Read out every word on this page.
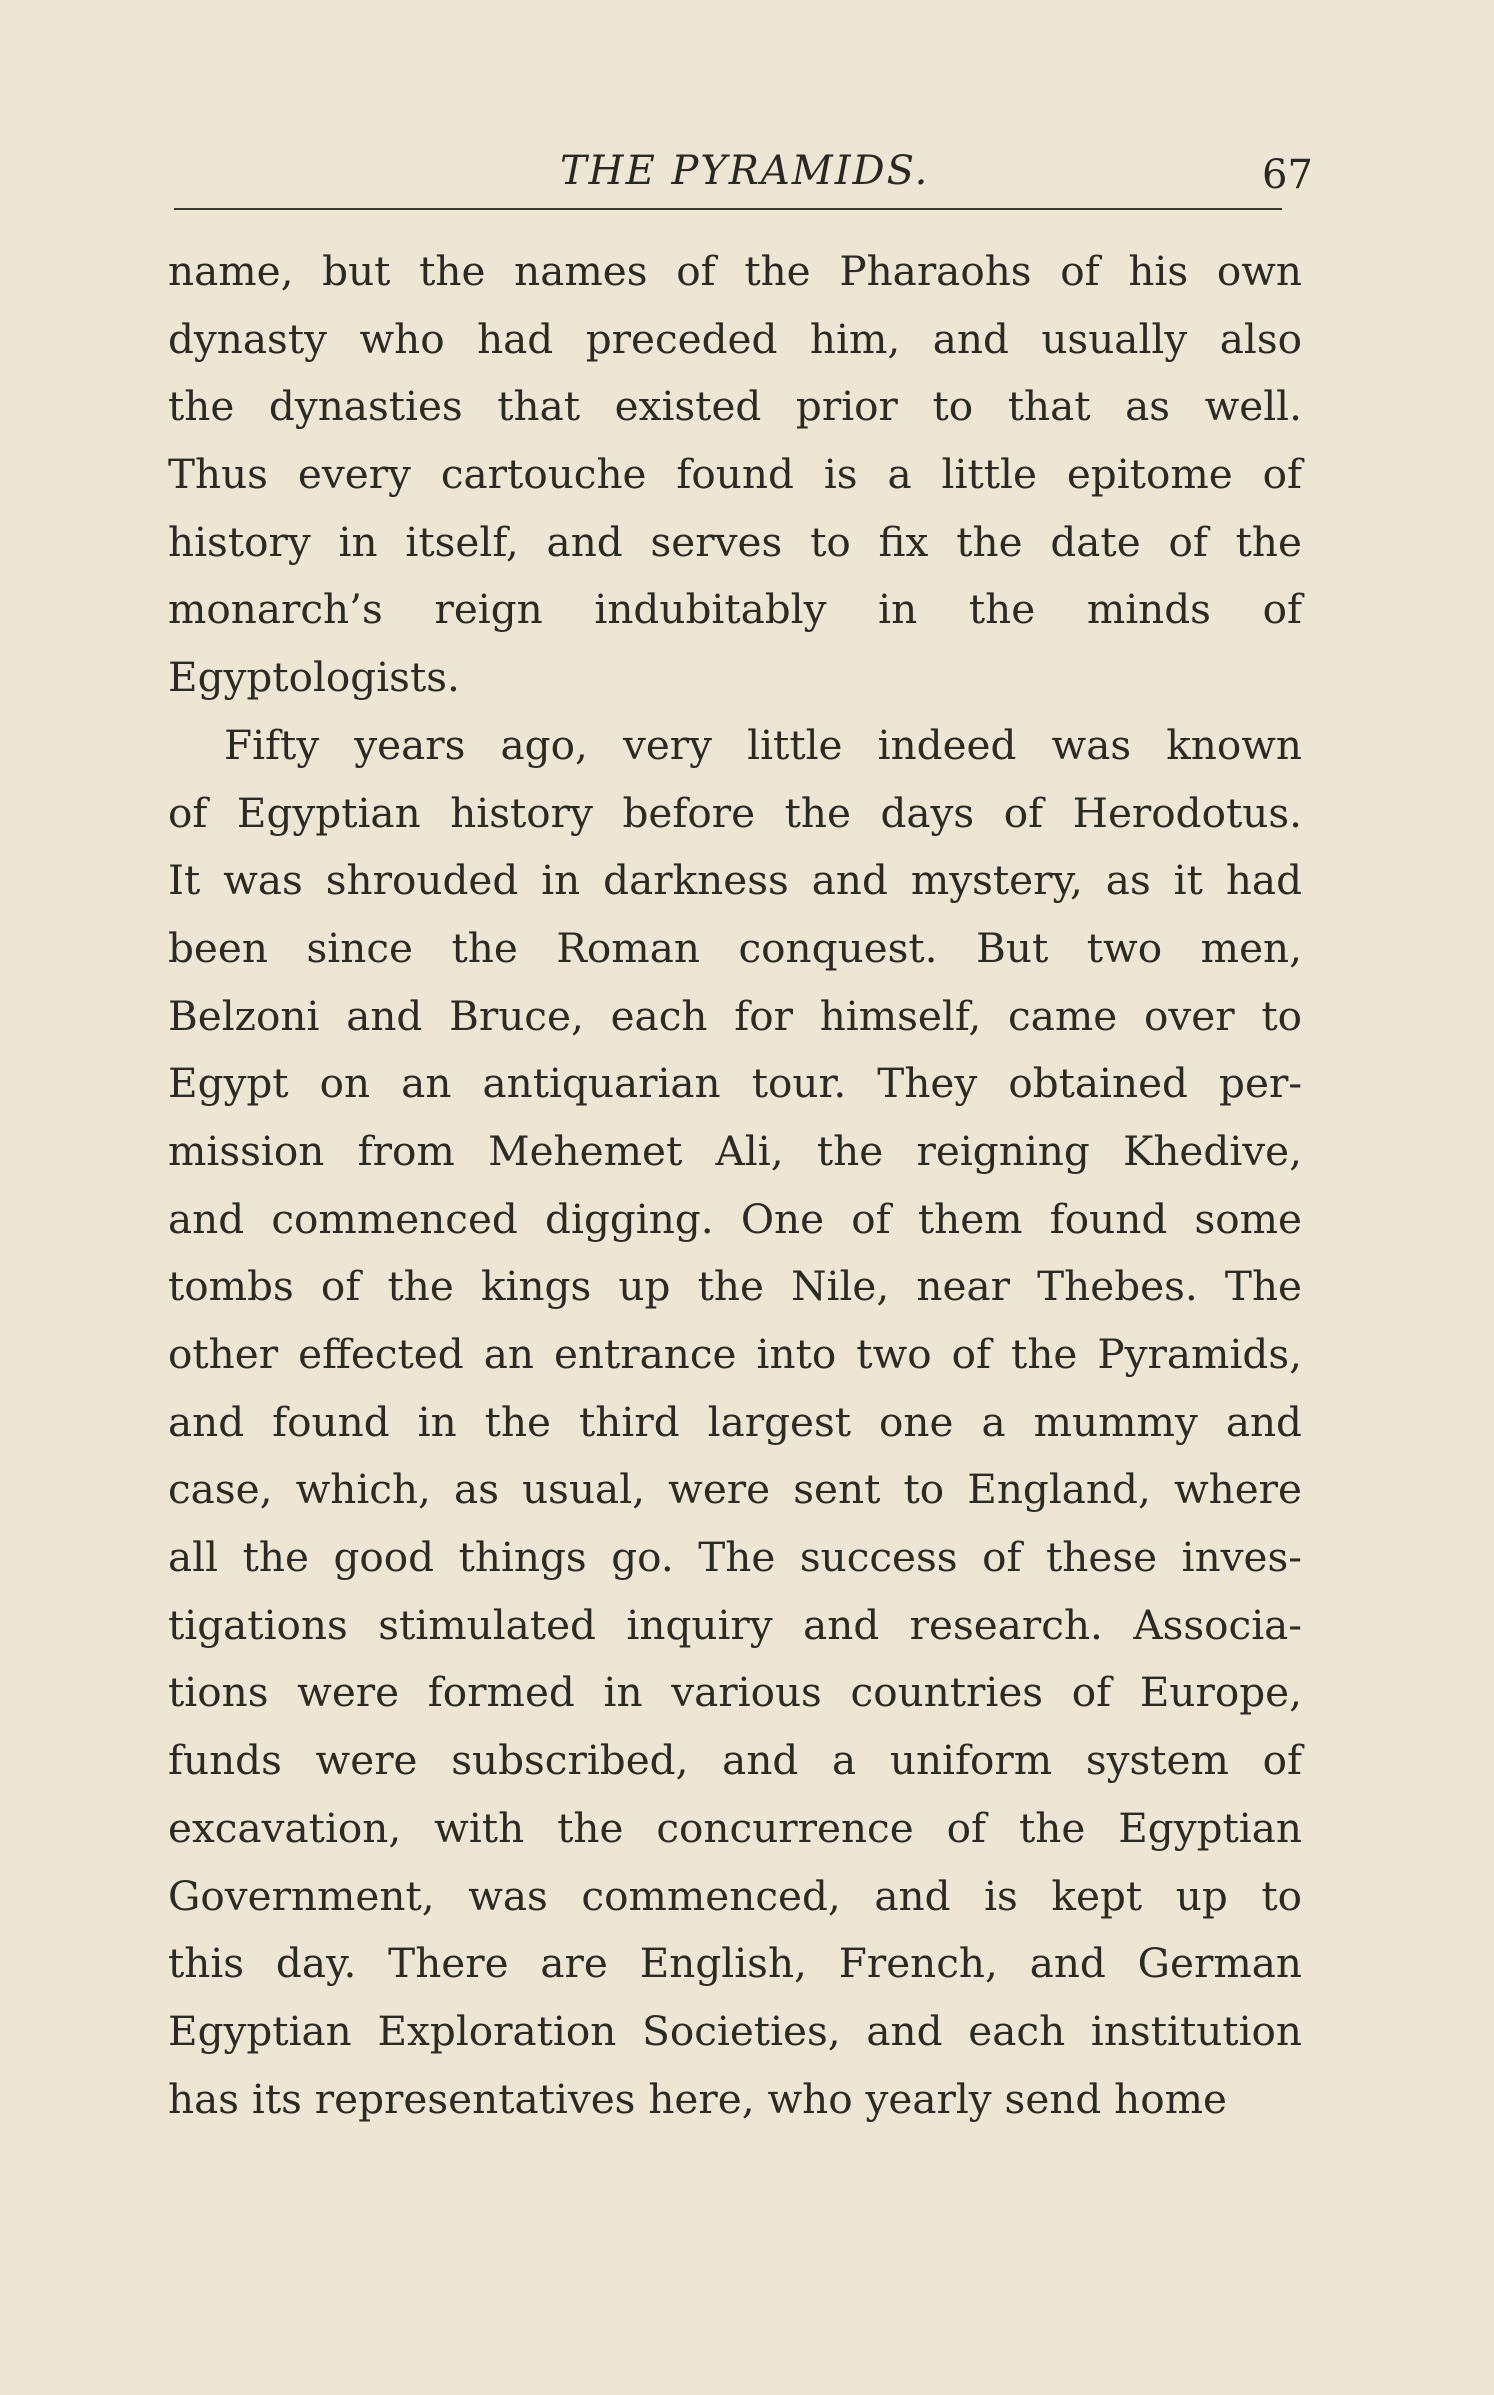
THE PYRAMIDS.	67
name, but the names of the Pharaohs of his own
dynasty who had preceded him, and usually also
the dynasties that existed prior to that as well.
Thus every cartouche found is a little epitome of
history in itself, and serves to fix the date of the
monarch’s reign indubitably in the minds of
Egyptologists.
Fifty years ago, very little indeed was known
of Egyptian history before the days of Herodotus.
It was shrouded in darkness and mystery, as it had
been since the Roman conquest. But two men,
Belzoni and Bruce, each for himself, came over to
Egypt on an antiquarian tour. They obtained per-
mission from Mehemet Ali, the reigning Khedive,
and commenced digging. One of them found some
tombs of the kings up the Nile, near Thebes. The
other effected an entrance into two of the Pyramids,
and found in the third largest one a mummy and
case, which, as usual, were sent to England, where
all the good things go. The success of these inves-
tigations stimulated inquiry and research. Associa-
tions were formed in various countries of Europe,
funds were subscribed, and a uniform system of
excavation, with the concurrence of the Egyptian
Government, was commenced, and is kept up to
this day. There are English, French, and German
Egyptian Exploration Societies, and each institution
has its representatives here, who yearly send home
